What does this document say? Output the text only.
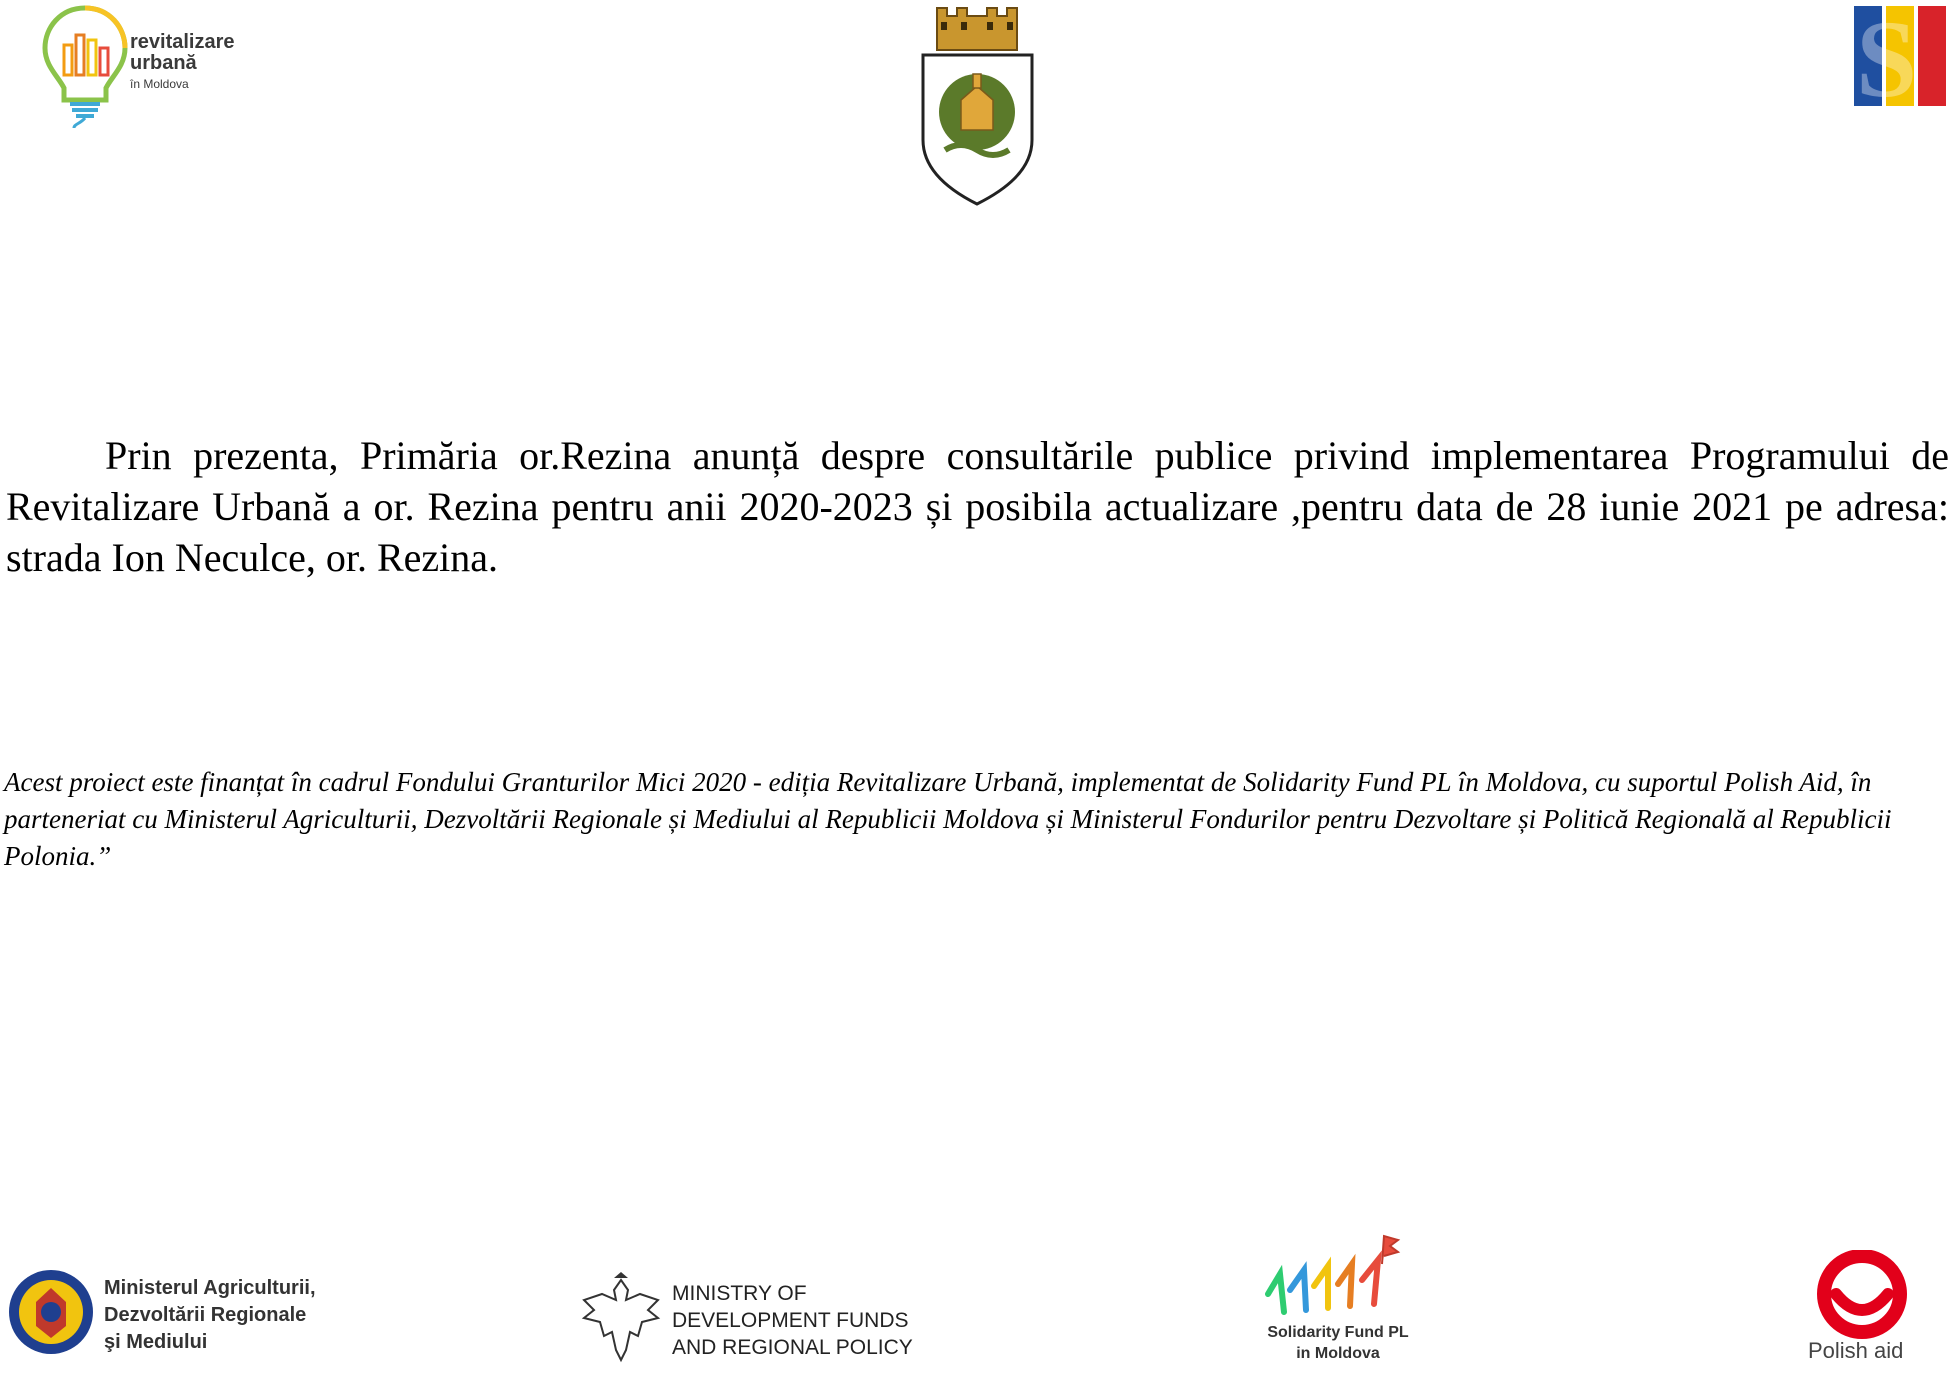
revitalizare
urbană
în Moldova	S
Prin prezenta, Primăria or.Rezina anunță despre consultările publice privind implementarea Programului de Revitalizare Urbană a or. Rezina pentru anii 2020-2023 și posibila actualizare ,pentru data de 28 iunie 2021 pe adresa: strada Ion Neculce, or. Rezina.
Acest proiect este finanțat în cadrul Fondului Granturilor Mici 2020 - ediția Revitalizare Urbană, implementat de Solidarity Fund PL în Moldova, cu suportul Polish Aid, în parteneriat cu Ministerul Agriculturii, Dezvoltării Regionale și Mediului al Republicii Moldova și Ministerul Fondurilor pentru Dezvoltare și Politică Regională al Republicii Polonia.”
Ministerul Agriculturii,
Dezvoltării Regionale
şi Mediului
MINISTRY OF
DEVELOPMENT FUNDS
AND REGIONAL POLICY
Solidarity Fund PL
in Moldova	Polish aid
